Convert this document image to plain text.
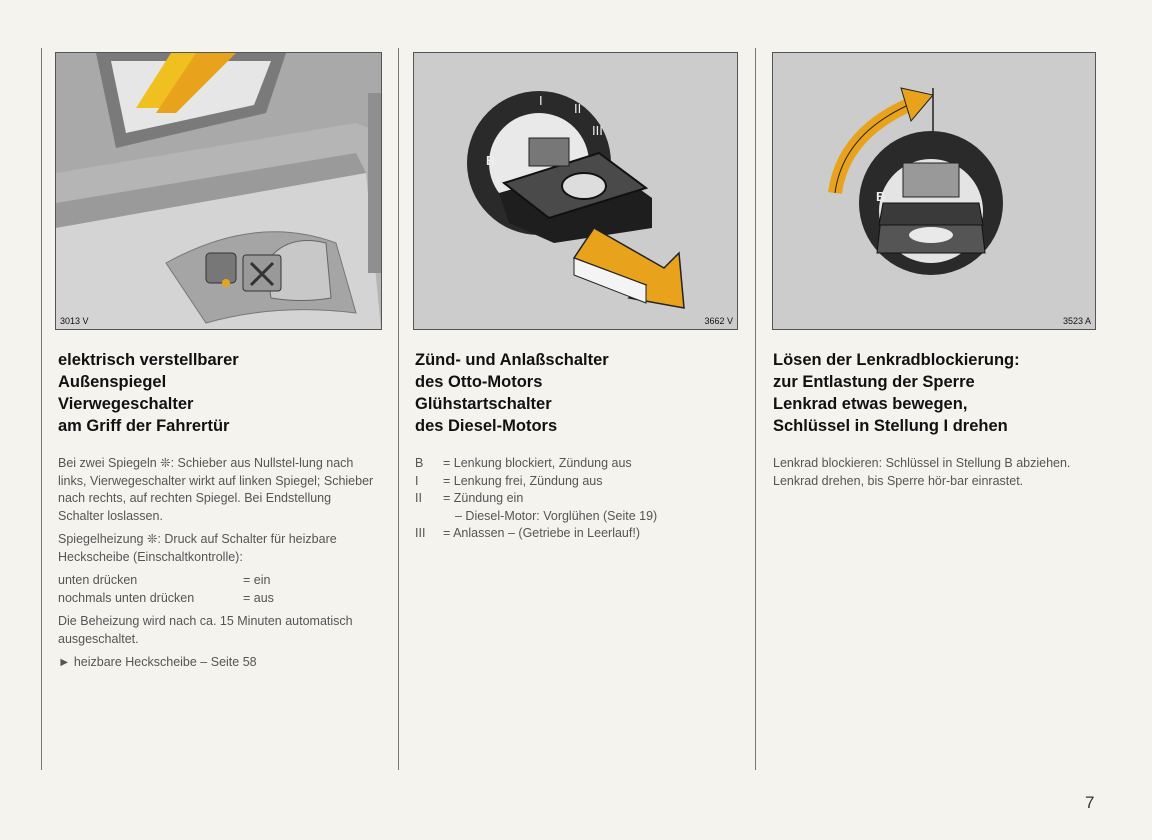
3013 V
elektrisch verstellbarer
Außenspiegel
Vierwegeschalter
am Griff der Fahrertür

Bei zwei Spiegeln ❊: Schieber aus Nullstel-lung nach links, Vierwegeschalter wirkt auf linken Spiegel; Schieber nach rechts, auf rechten Spiegel. Bei Endstellung Schalter loslassen.

Spiegelheizung ❊: Druck auf Schalter für heizbare Heckscheibe (Einschaltkontrolle):

unten drücken	= ein
nochmals unten drücken	= aus

Die Beheizung wird nach ca. 15 Minuten automatisch ausgeschaltet.

► heizbare Heckscheibe – Seite 58

B
I
II
III
3662 V
Zünd- und Anlaßschalter
des Otto-Motors
Glühstartschalter
des Diesel-Motors
B	= Lenkung blockiert, Zündung aus
I	= Lenkung frei, Zündung aus
II	= Zündung ein
– Diesel-Motor: Vorglühen (Seite 19)
III	= Anlassen – (Getriebe in Leerlauf!)
B
3523 A
Lösen der Lenkradblockierung:
zur Entlastung der Sperre
Lenkrad etwas bewegen,
Schlüssel in Stellung I drehen

Lenkrad blockieren: Schlüssel in Stellung B abziehen. Lenkrad drehen, bis Sperre hör-bar einrastet.

7
